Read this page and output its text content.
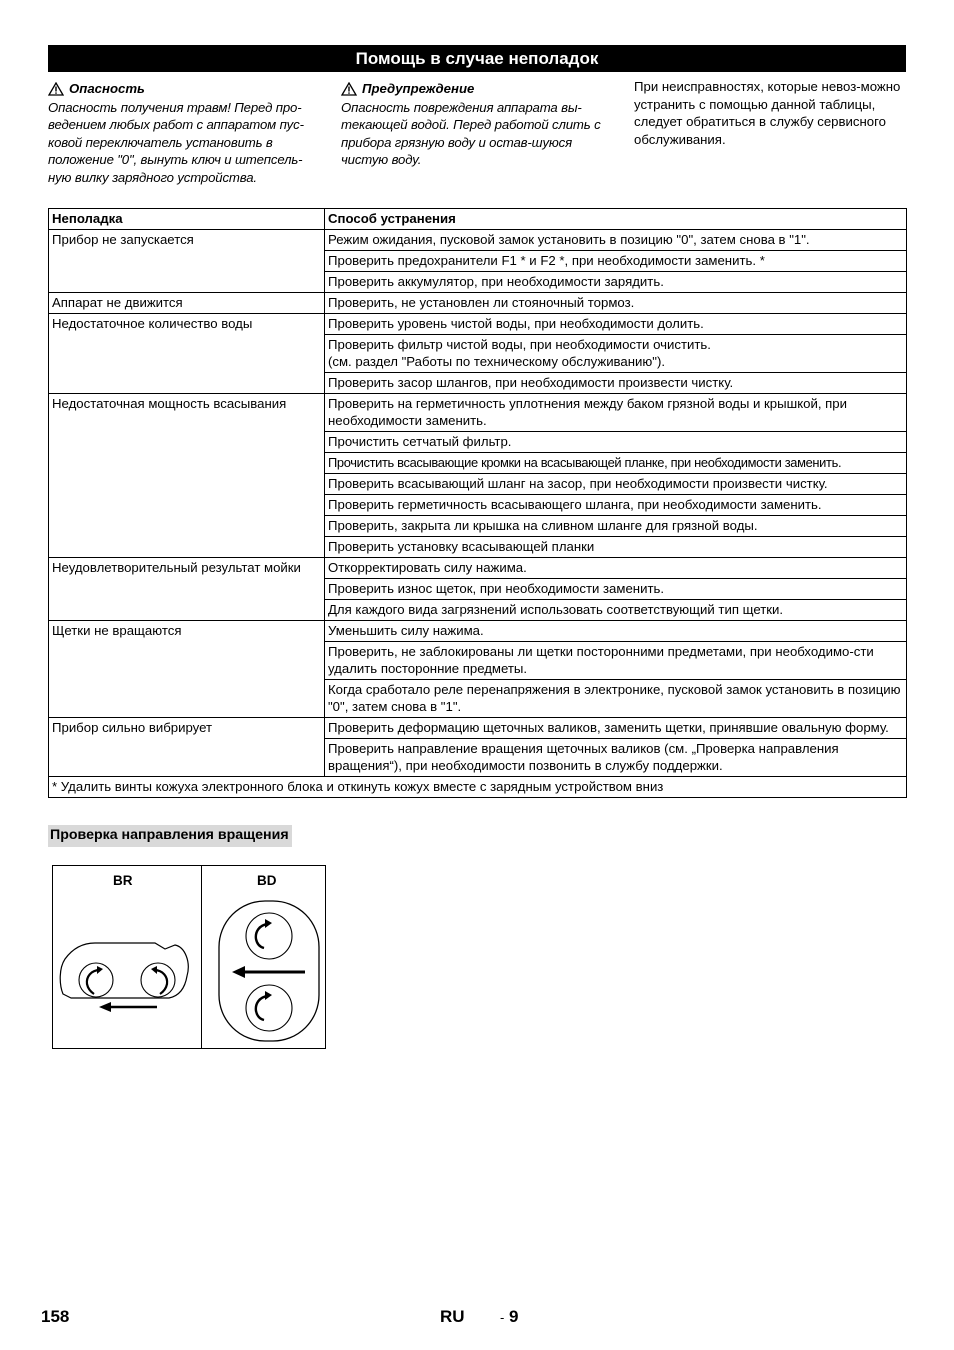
Помощь в случае неполадок
Опасность

Опасность получения травм! Перед про-ведением любых работ с аппаратом пус-ковой переключатель установить в положение "0", вынуть ключ и штепсель-ную вилку зарядного устройства.

Предупреждение

Опасность повреждения аппарата вы-текающей водой. Перед работой слить с прибора грязную воду и остав-шуюся чистую воду.

При неисправностях, которые невоз-можно устранить с помощью данной таблицы, следует обратиться в службу сервисного обслуживания.

Неполадка	Способ устранения
Прибор не запускается	Режим ожидания, пусковой замок установить в позицию "0", затем снова в "1".
	Проверить предохранители F1 * и F2 *, при необходимости заменить. *
	Проверить аккумулятор, при необходимости зарядить.
Аппарат не движится	Проверить, не установлен ли стояночный тормоз.
Недостаточное количество воды	Проверить уровень чистой воды, при необходимости долить.
	Проверить фильтр чистой воды, при необходимости очистить.
(см. раздел "Работы по техническому обслуживанию").
	Проверить засор шлангов, при необходимости произвести чистку.
Недостаточная мощность всасывания	Проверить на герметичность уплотнения между баком грязной воды и крышкой, при необходимости заменить.
	Прочистить сетчатый фильтр.
	Прочистить всасывающие кромки на всасывающей планке, при необходимости заменить.
	Проверить всасывающий шланг на засор, при необходимости произвести чистку.
	Проверить герметичность всасывающего шланга, при необходимости заменить.
	Проверить, закрыта ли крышка на сливном шланге для грязной воды.
	Проверить установку всасывающей планки
Неудовлетворительный результат мойки	Откорректировать силу нажима.
	Проверить износ щеток, при необходимости заменить.
	Для каждого вида загрязнений использовать соответствующий тип щетки.
Щетки не вращаются	Уменьшить силу нажима.
	Проверить, не заблокированы ли щетки посторонними предметами, при необходимо-сти удалить посторонние предметы.
	Когда сработало реле перенапряжения в электронике, пусковой замок установить в позицию "0", затем снова в "1".
Прибор сильно вибрирует	Проверить деформацию щеточных валиков, заменить щетки, принявшие овальную форму.
	Проверить направление вращения щеточных валиков (см. „Проверка направления вращения“), при необходимости позвонить в службу поддержки.
* Удалить винты кожуха электронного блока и откинуть кожух вместе с зарядным устройством вниз	
Проверка направления вращения
BR	BD
158	RU	- 9
